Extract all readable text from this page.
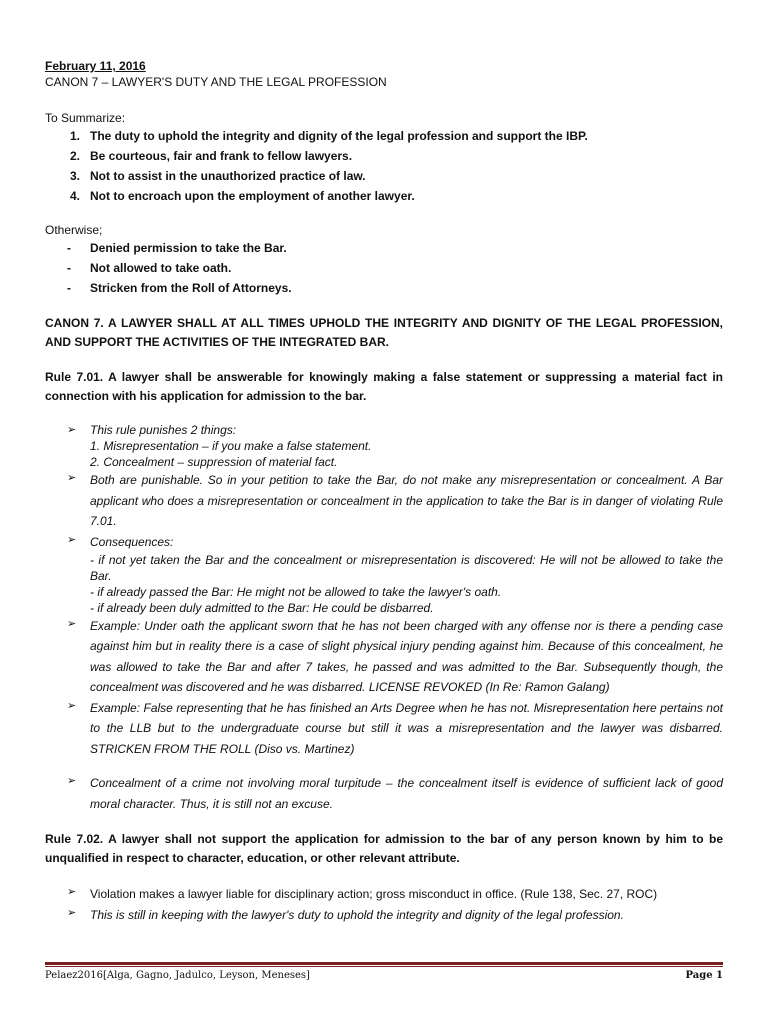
February 11, 2016
CANON 7 – LAWYER'S DUTY AND THE LEGAL PROFESSION
To Summarize:
1. The duty to uphold the integrity and dignity of the legal profession and support the IBP.
2. Be courteous, fair and frank to fellow lawyers.
3. Not to assist in the unauthorized practice of law.
4. Not to encroach upon the employment of another lawyer.
Otherwise;
-	Denied permission to take the Bar.
-	Not allowed to take oath.
-	Stricken from the Roll of Attorneys.
CANON 7. A LAWYER SHALL AT ALL TIMES UPHOLD THE INTEGRITY AND DIGNITY OF THE LEGAL PROFESSION, AND SUPPORT THE ACTIVITIES OF THE INTEGRATED BAR.
Rule 7.01. A lawyer shall be answerable for knowingly making a false statement or suppressing a material fact in connection with his application for admission to the bar.
➢	This rule punishes 2 things:
1. Misrepresentation – if you make a false statement.
2. Concealment – suppression of material fact.
➢	Both are punishable. So in your petition to take the Bar, do not make any misrepresentation or concealment. A Bar applicant who does a misrepresentation or concealment in the application to take the Bar is in danger of violating Rule 7.01.
➢	Consequences:
- if not yet taken the Bar and the concealment or misrepresentation is discovered: He will not be allowed to take the Bar.
- if already passed the Bar: He might not be allowed to take the lawyer's oath.
- if already been duly admitted to the Bar: He could be disbarred.
➢	Example: Under oath the applicant sworn that he has not been charged with any offense nor is there a pending case against him but in reality there is a case of slight physical injury pending against him. Because of this concealment, he was allowed to take the Bar and after 7 takes, he passed and was admitted to the Bar. Subsequently though, the concealment was discovered and he was disbarred. LICENSE REVOKED (In Re: Ramon Galang)
➢	Example: False representing that he has finished an Arts Degree when he has not. Misrepresentation here pertains not to the LLB but to the undergraduate course but still it was a misrepresentation and the lawyer was disbarred. STRICKEN FROM THE ROLL (Diso vs. Martinez)
➢	Concealment of a crime not involving moral turpitude – the concealment itself is evidence of sufficient lack of good moral character. Thus, it is still not an excuse.
Rule 7.02. A lawyer shall not support the application for admission to the bar of any person known by him to be unqualified in respect to character, education, or other relevant attribute.
➢	Violation makes a lawyer liable for disciplinary action; gross misconduct in office. (Rule 138, Sec. 27, ROC)
➢	This is still in keeping with the lawyer's duty to uphold the integrity and dignity of the legal profession.
Pelaez2016[Alga, Gagno, Jadulco, Leyson, Meneses]	Page 1
